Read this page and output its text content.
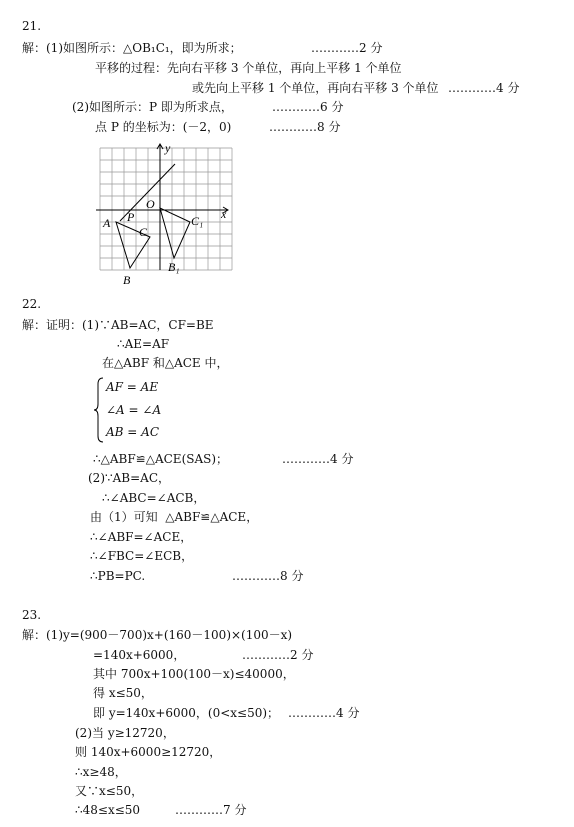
21.
解：(1)如图所示：△OB₁C₁，即为所求；	…………2 分
平移的过程：先向右平移 3 个单位，再向上平移 1 个单位
或先向上平移 1 个单位，再向右平移 3 个单位 …………4 分
(2)如图所示：P 即为所求点，	…………6 分
点 P 的坐标为：(－2，0)	…………8 分
y
x
O
P
A
B
C
C₁
B₁
22.
解：证明：(1)∵AB=AC，CF=BE
∴AE=AF
在△ABF 和△ACE 中，
AF = AE
∠A = ∠A
AB = AC
∴△ABF≌△ACE(SAS)；	…………4 分
(2)∵AB=AC，
∴∠ABC=∠ACB，
由（1）可知  △ABF≌△ACE，
∴∠ABF=∠ACE，
∴∠FBC=∠ECB，
∴PB=PC.	…………8 分
23.
解：(1)y=(900－700)x+(160－100)×(100－x)
=140x+6000，	…………2 分
其中 700x+100(100－x)≤40000，
得 x≤50，
即 y=140x+6000，(0<x≤50)； …………4 分
(2)当 y≥12720，
则 140x+6000≥12720，
∴x≥48，
又∵x≤50，
∴48≤x≤50	…………7 分
